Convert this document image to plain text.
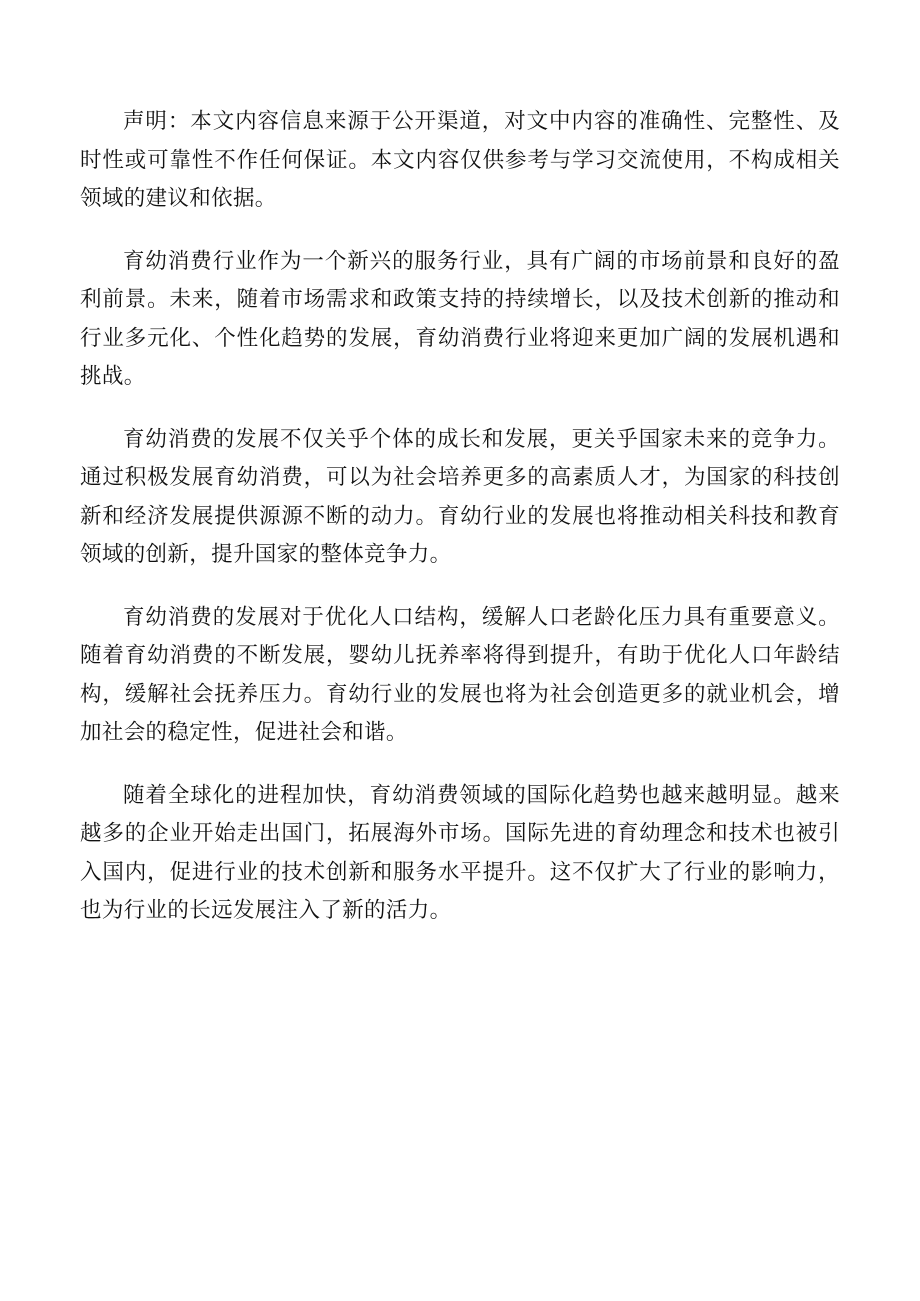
声明：本文内容信息来源于公开渠道，对文中内容的准确性、完整性、及时性或可靠性不作任何保证。本文内容仅供参考与学习交流使用，不构成相关领域的建议和依据。

育幼消费行业作为一个新兴的服务行业，具有广阔的市场前景和良好的盈利前景。未来，随着市场需求和政策支持的持续增长，以及技术创新的推动和行业多元化、个性化趋势的发展，育幼消费行业将迎来更加广阔的发展机遇和挑战。

育幼消费的发展不仅关乎个体的成长和发展，更关乎国家未来的竞争力。通过积极发展育幼消费，可以为社会培养更多的高素质人才，为国家的科技创新和经济发展提供源源不断的动力。育幼行业的发展也将推动相关科技和教育领域的创新，提升国家的整体竞争力。

育幼消费的发展对于优化人口结构，缓解人口老龄化压力具有重要意义。随着育幼消费的不断发展，婴幼儿抚养率将得到提升，有助于优化人口年龄结构，缓解社会抚养压力。育幼行业的发展也将为社会创造更多的就业机会，增加社会的稳定性，促进社会和谐。

随着全球化的进程加快，育幼消费领域的国际化趋势也越来越明显。越来越多的企业开始走出国门，拓展海外市场。国际先进的育幼理念和技术也被引入国内，促进行业的技术创新和服务水平提升。这不仅扩大了行业的影响力，也为行业的长远发展注入了新的活力。
